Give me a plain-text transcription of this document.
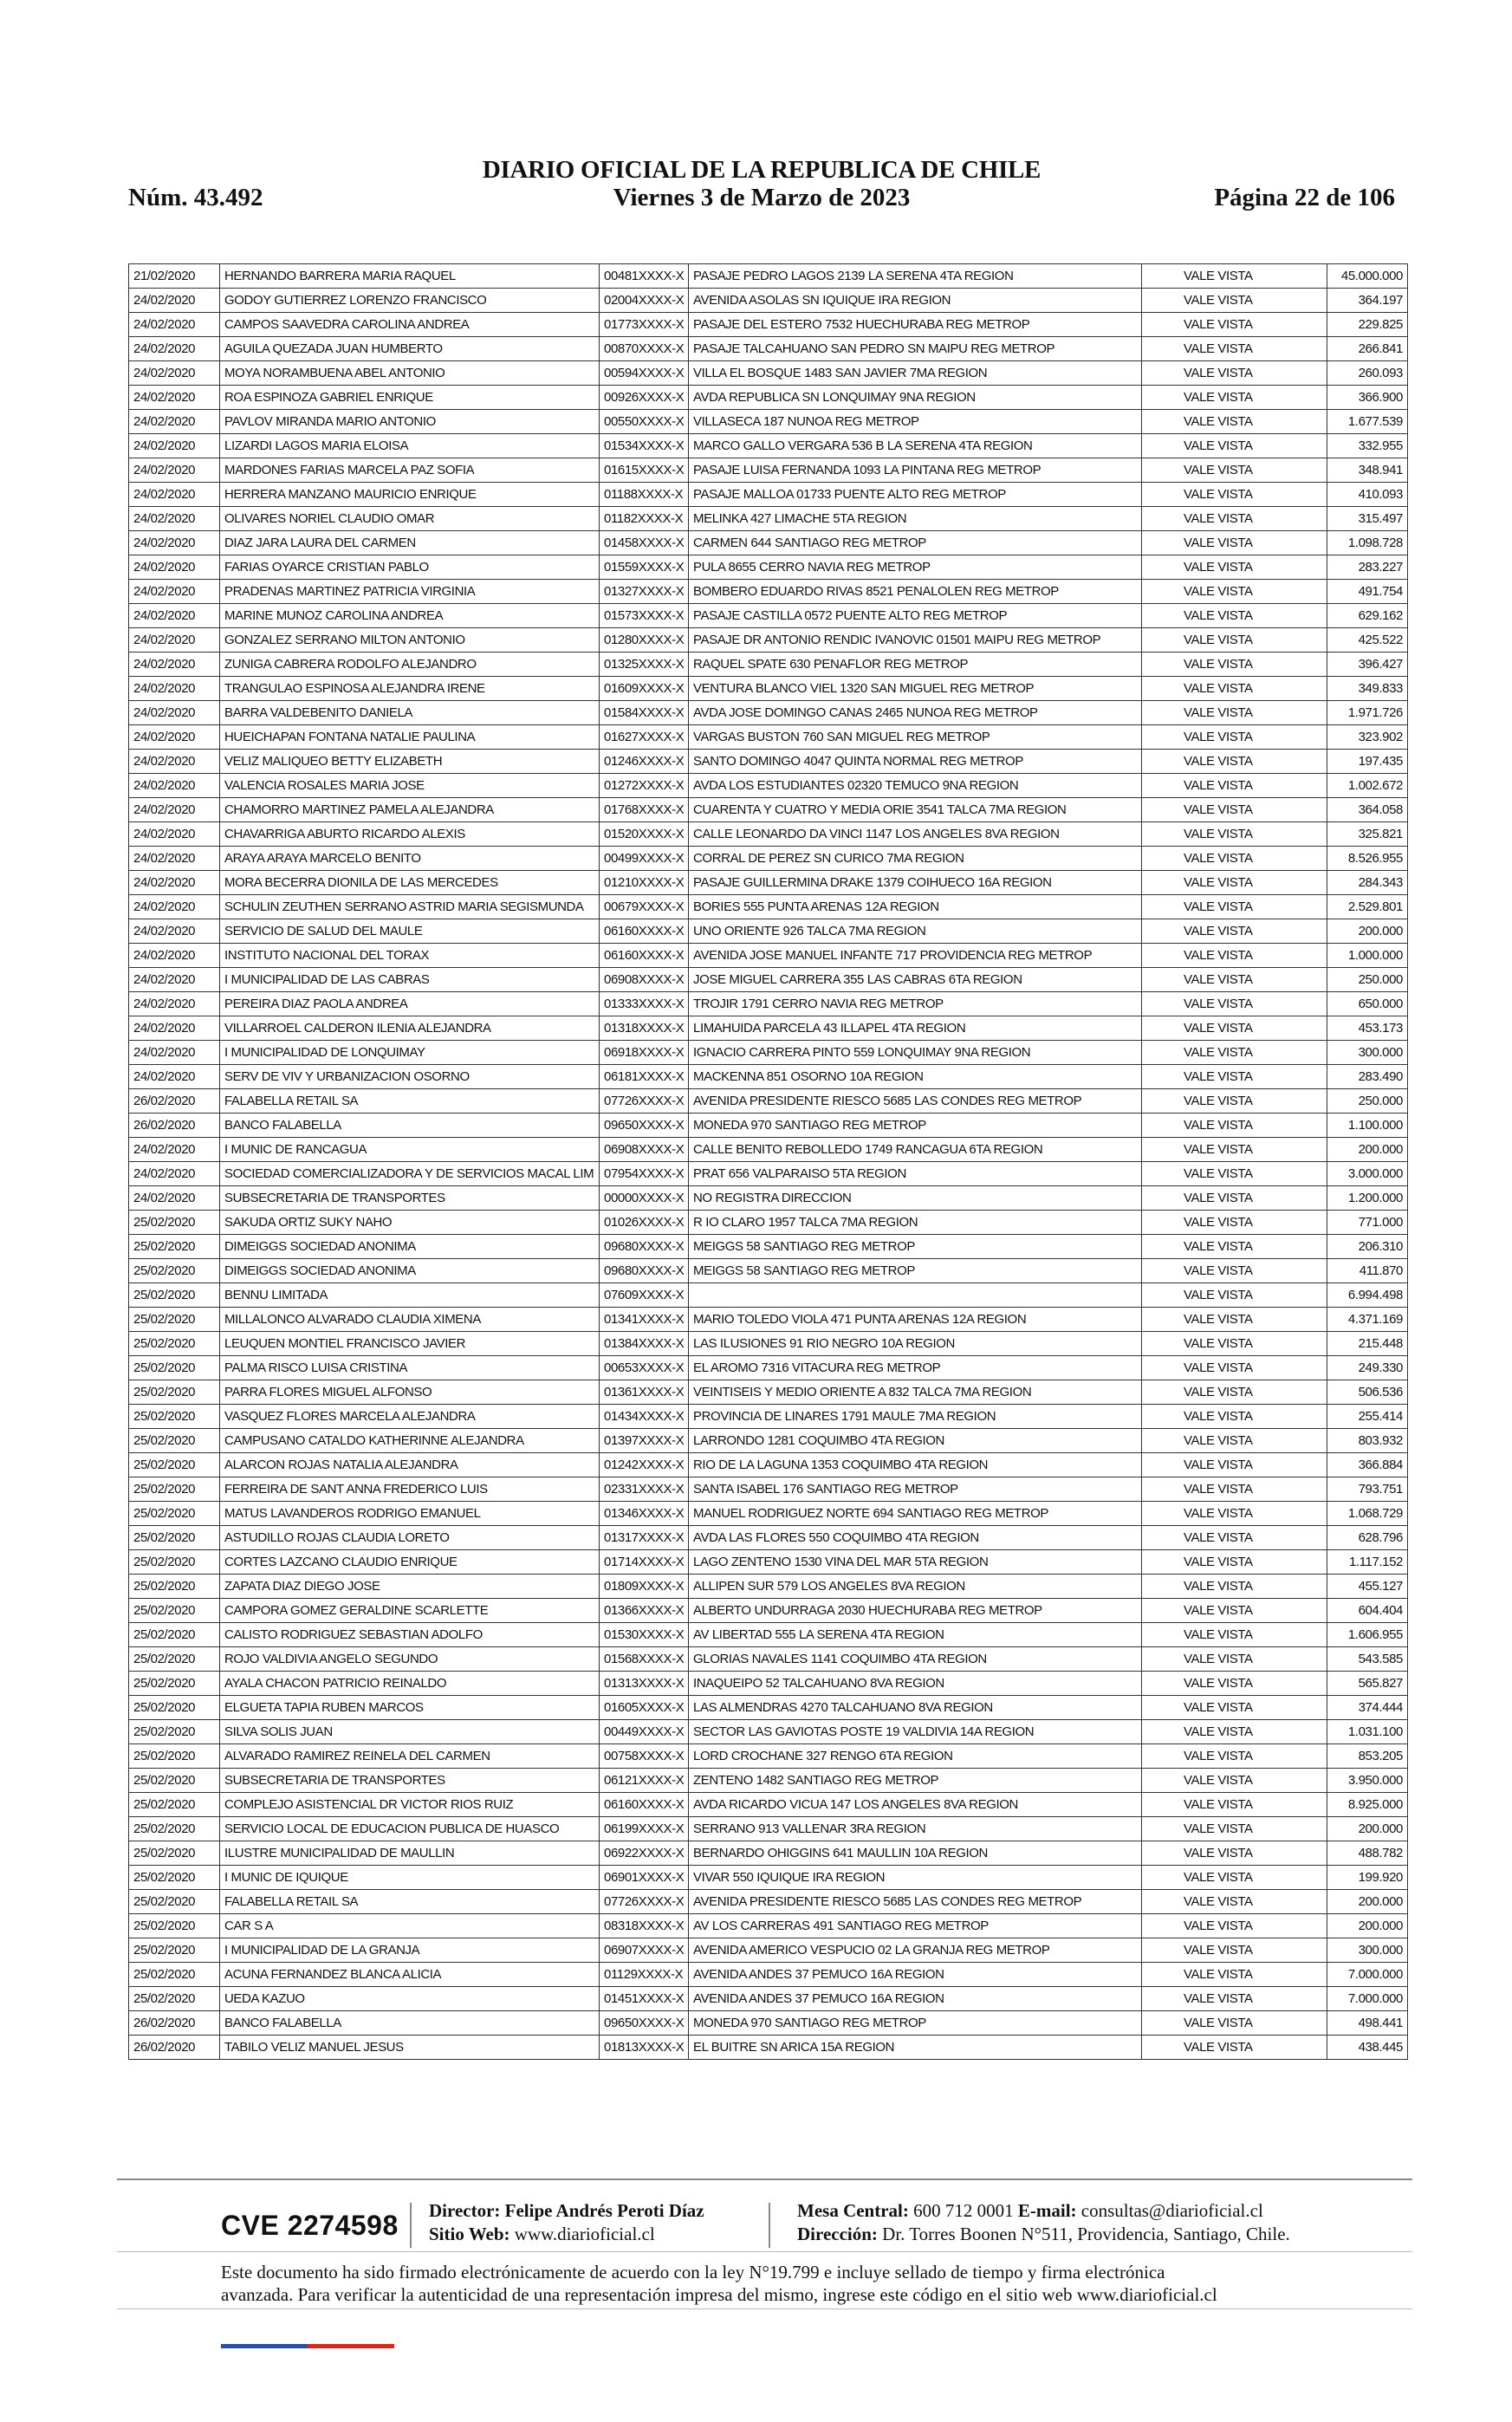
Núm. 43.492
DIARIO OFICIAL DE LA REPUBLICA DE CHILE
Viernes 3 de Marzo de 2023	Página 22 de 106
21/02/2020	HERNANDO BARRERA MARIA RAQUEL	00481XXXX-X	PASAJE PEDRO LAGOS 2139 LA SERENA 4TA REGION	VALE VISTA	45.000.000
24/02/2020	GODOY GUTIERREZ LORENZO FRANCISCO	02004XXXX-X	AVENIDA ASOLAS SN IQUIQUE IRA REGION	VALE VISTA	364.197
24/02/2020	CAMPOS SAAVEDRA CAROLINA ANDREA	01773XXXX-X	PASAJE DEL ESTERO 7532 HUECHURABA REG METROP	VALE VISTA	229.825
24/02/2020	AGUILA QUEZADA JUAN HUMBERTO	00870XXXX-X	PASAJE TALCAHUANO SAN PEDRO SN MAIPU REG METROP	VALE VISTA	266.841
24/02/2020	MOYA NORAMBUENA ABEL ANTONIO	00594XXXX-X	VILLA EL BOSQUE 1483 SAN JAVIER 7MA REGION	VALE VISTA	260.093
24/02/2020	ROA ESPINOZA GABRIEL ENRIQUE	00926XXXX-X	AVDA REPUBLICA SN LONQUIMAY 9NA REGION	VALE VISTA	366.900
24/02/2020	PAVLOV MIRANDA MARIO ANTONIO	00550XXXX-X	VILLASECA 187 NUNOA REG METROP	VALE VISTA	1.677.539
24/02/2020	LIZARDI LAGOS MARIA ELOISA	01534XXXX-X	MARCO GALLO VERGARA 536 B LA SERENA 4TA REGION	VALE VISTA	332.955
24/02/2020	MARDONES FARIAS MARCELA PAZ SOFIA	01615XXXX-X	PASAJE LUISA FERNANDA 1093 LA PINTANA REG METROP	VALE VISTA	348.941
24/02/2020	HERRERA MANZANO MAURICIO ENRIQUE	01188XXXX-X	PASAJE MALLOA 01733 PUENTE ALTO REG METROP	VALE VISTA	410.093
24/02/2020	OLIVARES NORIEL CLAUDIO OMAR	01182XXXX-X	MELINKA 427 LIMACHE 5TA REGION	VALE VISTA	315.497
24/02/2020	DIAZ JARA LAURA DEL CARMEN	01458XXXX-X	CARMEN 644 SANTIAGO REG METROP	VALE VISTA	1.098.728
24/02/2020	FARIAS OYARCE CRISTIAN PABLO	01559XXXX-X	PULA 8655 CERRO NAVIA REG METROP	VALE VISTA	283.227
24/02/2020	PRADENAS MARTINEZ PATRICIA VIRGINIA	01327XXXX-X	BOMBERO EDUARDO RIVAS 8521 PENALOLEN REG METROP	VALE VISTA	491.754
24/02/2020	MARINE MUNOZ CAROLINA ANDREA	01573XXXX-X	PASAJE CASTILLA 0572 PUENTE ALTO REG METROP	VALE VISTA	629.162
24/02/2020	GONZALEZ SERRANO MILTON ANTONIO	01280XXXX-X	PASAJE DR ANTONIO RENDIC IVANOVIC 01501 MAIPU REG METROP	VALE VISTA	425.522
24/02/2020	ZUNIGA CABRERA RODOLFO ALEJANDRO	01325XXXX-X	RAQUEL SPATE 630 PENAFLOR REG METROP	VALE VISTA	396.427
24/02/2020	TRANGULAO ESPINOSA ALEJANDRA IRENE	01609XXXX-X	VENTURA BLANCO VIEL 1320 SAN MIGUEL REG METROP	VALE VISTA	349.833
24/02/2020	BARRA VALDEBENITO DANIELA	01584XXXX-X	AVDA JOSE DOMINGO CANAS 2465 NUNOA REG METROP	VALE VISTA	1.971.726
24/02/2020	HUEICHAPAN FONTANA NATALIE PAULINA	01627XXXX-X	VARGAS BUSTON 760 SAN MIGUEL REG METROP	VALE VISTA	323.902
24/02/2020	VELIZ MALIQUEO BETTY ELIZABETH	01246XXXX-X	SANTO DOMINGO 4047 QUINTA NORMAL REG METROP	VALE VISTA	197.435
24/02/2020	VALENCIA ROSALES MARIA JOSE	01272XXXX-X	AVDA LOS ESTUDIANTES 02320 TEMUCO 9NA REGION	VALE VISTA	1.002.672
24/02/2020	CHAMORRO MARTINEZ PAMELA ALEJANDRA	01768XXXX-X	CUARENTA Y CUATRO Y MEDIA ORIE 3541 TALCA 7MA REGION	VALE VISTA	364.058
24/02/2020	CHAVARRIGA ABURTO RICARDO ALEXIS	01520XXXX-X	CALLE LEONARDO DA VINCI 1147 LOS ANGELES 8VA REGION	VALE VISTA	325.821
24/02/2020	ARAYA ARAYA MARCELO BENITO	00499XXXX-X	CORRAL DE PEREZ SN CURICO 7MA REGION	VALE VISTA	8.526.955
24/02/2020	MORA BECERRA DIONILA DE LAS MERCEDES	01210XXXX-X	PASAJE GUILLERMINA DRAKE 1379 COIHUECO 16A REGION	VALE VISTA	284.343
24/02/2020	SCHULIN ZEUTHEN SERRANO ASTRID MARIA SEGISMUNDA	00679XXXX-X	BORIES 555 PUNTA ARENAS 12A REGION	VALE VISTA	2.529.801
24/02/2020	SERVICIO DE SALUD DEL MAULE	06160XXXX-X	UNO ORIENTE 926 TALCA 7MA REGION	VALE VISTA	200.000
24/02/2020	INSTITUTO NACIONAL DEL TORAX	06160XXXX-X	AVENIDA JOSE MANUEL INFANTE 717 PROVIDENCIA REG METROP	VALE VISTA	1.000.000
24/02/2020	I MUNICIPALIDAD DE LAS CABRAS	06908XXXX-X	JOSE MIGUEL CARRERA 355 LAS CABRAS 6TA REGION	VALE VISTA	250.000
24/02/2020	PEREIRA DIAZ PAOLA ANDREA	01333XXXX-X	TROJIR 1791 CERRO NAVIA REG METROP	VALE VISTA	650.000
24/02/2020	VILLARROEL CALDERON ILENIA ALEJANDRA	01318XXXX-X	LIMAHUIDA PARCELA 43 ILLAPEL 4TA REGION	VALE VISTA	453.173
24/02/2020	I MUNICIPALIDAD DE LONQUIMAY	06918XXXX-X	IGNACIO CARRERA PINTO 559 LONQUIMAY 9NA REGION	VALE VISTA	300.000
24/02/2020	SERV DE VIV Y URBANIZACION OSORNO	06181XXXX-X	MACKENNA 851 OSORNO 10A REGION	VALE VISTA	283.490
26/02/2020	FALABELLA RETAIL SA	07726XXXX-X	AVENIDA PRESIDENTE RIESCO 5685 LAS CONDES REG METROP	VALE VISTA	250.000
26/02/2020	BANCO FALABELLA	09650XXXX-X	MONEDA 970 SANTIAGO REG METROP	VALE VISTA	1.100.000
24/02/2020	I MUNIC DE RANCAGUA	06908XXXX-X	CALLE BENITO REBOLLEDO 1749 RANCAGUA 6TA REGION	VALE VISTA	200.000
24/02/2020	SOCIEDAD COMERCIALIZADORA Y DE SERVICIOS MACAL LIM	07954XXXX-X	PRAT 656 VALPARAISO 5TA REGION	VALE VISTA	3.000.000
24/02/2020	SUBSECRETARIA DE TRANSPORTES	00000XXXX-X	NO REGISTRA DIRECCION	VALE VISTA	1.200.000
25/02/2020	SAKUDA ORTIZ SUKY NAHO	01026XXXX-X	R IO CLARO 1957 TALCA 7MA REGION	VALE VISTA	771.000
25/02/2020	DIMEIGGS SOCIEDAD ANONIMA	09680XXXX-X	MEIGGS 58 SANTIAGO REG METROP	VALE VISTA	206.310
25/02/2020	DIMEIGGS SOCIEDAD ANONIMA	09680XXXX-X	MEIGGS 58 SANTIAGO REG METROP	VALE VISTA	411.870
25/02/2020	BENNU LIMITADA	07609XXXX-X		VALE VISTA	6.994.498
25/02/2020	MILLALONCO ALVARADO CLAUDIA XIMENA	01341XXXX-X	MARIO TOLEDO VIOLA 471 PUNTA ARENAS 12A REGION	VALE VISTA	4.371.169
25/02/2020	LEUQUEN MONTIEL FRANCISCO JAVIER	01384XXXX-X	LAS ILUSIONES 91 RIO NEGRO 10A REGION	VALE VISTA	215.448
25/02/2020	PALMA RISCO LUISA CRISTINA	00653XXXX-X	EL AROMO 7316 VITACURA REG METROP	VALE VISTA	249.330
25/02/2020	PARRA FLORES MIGUEL ALFONSO	01361XXXX-X	VEINTISEIS Y MEDIO ORIENTE A 832 TALCA 7MA REGION	VALE VISTA	506.536
25/02/2020	VASQUEZ FLORES MARCELA ALEJANDRA	01434XXXX-X	PROVINCIA DE LINARES 1791 MAULE 7MA REGION	VALE VISTA	255.414
25/02/2020	CAMPUSANO CATALDO KATHERINNE ALEJANDRA	01397XXXX-X	LARRONDO 1281 COQUIMBO 4TA REGION	VALE VISTA	803.932
25/02/2020	ALARCON ROJAS NATALIA ALEJANDRA	01242XXXX-X	RIO DE LA LAGUNA 1353 COQUIMBO 4TA REGION	VALE VISTA	366.884
25/02/2020	FERREIRA DE SANT ANNA FREDERICO LUIS	02331XXXX-X	SANTA ISABEL 176 SANTIAGO REG METROP	VALE VISTA	793.751
25/02/2020	MATUS LAVANDEROS RODRIGO EMANUEL	01346XXXX-X	MANUEL RODRIGUEZ NORTE 694 SANTIAGO REG METROP	VALE VISTA	1.068.729
25/02/2020	ASTUDILLO ROJAS CLAUDIA LORETO	01317XXXX-X	AVDA LAS FLORES 550 COQUIMBO 4TA REGION	VALE VISTA	628.796
25/02/2020	CORTES LAZCANO CLAUDIO ENRIQUE	01714XXXX-X	LAGO ZENTENO 1530 VINA DEL MAR 5TA REGION	VALE VISTA	1.117.152
25/02/2020	ZAPATA DIAZ DIEGO JOSE	01809XXXX-X	ALLIPEN SUR 579 LOS ANGELES 8VA REGION	VALE VISTA	455.127
25/02/2020	CAMPORA GOMEZ GERALDINE SCARLETTE	01366XXXX-X	ALBERTO UNDURRAGA 2030 HUECHURABA REG METROP	VALE VISTA	604.404
25/02/2020	CALISTO RODRIGUEZ SEBASTIAN ADOLFO	01530XXXX-X	AV LIBERTAD 555 LA SERENA 4TA REGION	VALE VISTA	1.606.955
25/02/2020	ROJO VALDIVIA ANGELO SEGUNDO	01568XXXX-X	GLORIAS NAVALES 1141 COQUIMBO 4TA REGION	VALE VISTA	543.585
25/02/2020	AYALA CHACON PATRICIO REINALDO	01313XXXX-X	INAQUEIPO 52 TALCAHUANO 8VA REGION	VALE VISTA	565.827
25/02/2020	ELGUETA TAPIA RUBEN MARCOS	01605XXXX-X	LAS ALMENDRAS 4270 TALCAHUANO 8VA REGION	VALE VISTA	374.444
25/02/2020	SILVA SOLIS JUAN	00449XXXX-X	SECTOR LAS GAVIOTAS POSTE 19 VALDIVIA 14A REGION	VALE VISTA	1.031.100
25/02/2020	ALVARADO RAMIREZ REINELA DEL CARMEN	00758XXXX-X	LORD CROCHANE 327 RENGO 6TA REGION	VALE VISTA	853.205
25/02/2020	SUBSECRETARIA DE TRANSPORTES	06121XXXX-X	ZENTENO 1482 SANTIAGO REG METROP	VALE VISTA	3.950.000
25/02/2020	COMPLEJO ASISTENCIAL DR VICTOR RIOS RUIZ	06160XXXX-X	AVDA RICARDO VICUA 147 LOS ANGELES 8VA REGION	VALE VISTA	8.925.000
25/02/2020	SERVICIO LOCAL DE EDUCACION PUBLICA DE HUASCO	06199XXXX-X	SERRANO 913 VALLENAR 3RA REGION	VALE VISTA	200.000
25/02/2020	ILUSTRE MUNICIPALIDAD DE MAULLIN	06922XXXX-X	BERNARDO OHIGGINS 641 MAULLIN 10A REGION	VALE VISTA	488.782
25/02/2020	I MUNIC DE IQUIQUE	06901XXXX-X	VIVAR 550 IQUIQUE IRA REGION	VALE VISTA	199.920
25/02/2020	FALABELLA RETAIL SA	07726XXXX-X	AVENIDA PRESIDENTE RIESCO 5685 LAS CONDES REG METROP	VALE VISTA	200.000
25/02/2020	CAR S A	08318XXXX-X	AV LOS CARRERAS 491 SANTIAGO REG METROP	VALE VISTA	200.000
25/02/2020	I MUNICIPALIDAD DE LA GRANJA	06907XXXX-X	AVENIDA AMERICO VESPUCIO 02 LA GRANJA REG METROP	VALE VISTA	300.000
25/02/2020	ACUNA FERNANDEZ BLANCA ALICIA	01129XXXX-X	AVENIDA ANDES 37 PEMUCO 16A REGION	VALE VISTA	7.000.000
25/02/2020	UEDA KAZUO	01451XXXX-X	AVENIDA ANDES 37 PEMUCO 16A REGION	VALE VISTA	7.000.000
26/02/2020	BANCO FALABELLA	09650XXXX-X	MONEDA 970 SANTIAGO REG METROP	VALE VISTA	498.441
26/02/2020	TABILO VELIZ MANUEL JESUS	01813XXXX-X	EL BUITRE SN ARICA 15A REGION	VALE VISTA	438.445
CVE 2274598 Director: Felipe Andrés Peroti Díaz
Sitio Web: www.diarioficial.cl
Mesa Central: 600 712 0001 E-mail: consultas@diarioficial.cl
Dirección: Dr. Torres Boonen N°511, Providencia, Santiago, Chile.
Este documento ha sido firmado electrónicamente de acuerdo con la ley N°19.799 e incluye sellado de tiempo y firma electrónica
avanzada. Para verificar la autenticidad de una representación impresa del mismo, ingrese este código en el sitio web www.diarioficial.cl
